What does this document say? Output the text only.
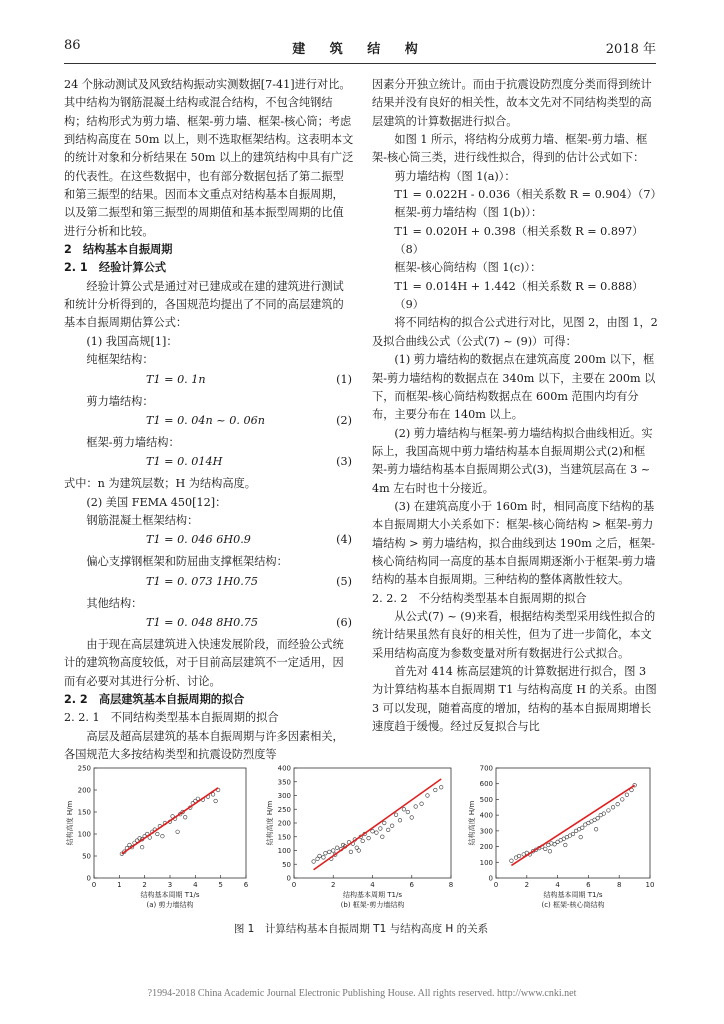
86	建 筑 结 构	2018 年

24 个脉动测试及风致结构振动实测数据[7-41]进行对比。其中结构为钢筋混凝土结构或混合结构，不包含纯钢结构；结构形式为剪力墙、框架-剪力墙、框架-核心筒；考虑到结构高度在 50m 以上，则不选取框架结构。这表明本文的统计对象和分析结果在 50m 以上的建筑结构中具有广泛的代表性。在这些数据中，也有部分数据包括了第二振型和第三振型的结果。因而本文重点对结构基本自振周期，以及第二振型和第三振型的周期值和基本振型周期的比值进行分析和比较。

2　结构基本自振周期

2. 1　经验计算公式

经验计算公式是通过对已建成或在建的建筑进行测试和统计分析得到的，各国规范均提出了不同的高层建筑的基本自振周期估算公式：

(1) 我国高规[1]：

纯框架结构：

T1 = 0. 1n	(1)

剪力墙结构：

T1 = 0. 04n ~ 0. 06n	(2)

框架-剪力墙结构：

T1 = 0. 014H	(3)

式中：n 为建筑层数；H 为结构高度。

(2) 美国 FEMA 450[12]：

钢筋混凝土框架结构：

T1 = 0. 046 6H0.9	(4)

偏心支撑钢框架和防屈曲支撑框架结构：

T1 = 0. 073 1H0.75	(5)

其他结构：

T1 = 0. 048 8H0.75	(6)

由于现在高层建筑进入快速发展阶段，而经验公式统计的建筑物高度较低，对于目前高层建筑不一定适用，因而有必要对其进行分析、讨论。

2. 2　高层建筑基本自振周期的拟合

2. 2. 1　不同结构类型基本自振周期的拟合

高层及超高层建筑的基本自振周期与许多因素相关，各国规范大多按结构类型和抗震设防烈度等

因素分开独立统计。而由于抗震设防烈度分类而得到统计结果并没有良好的相关性，故本文先对不同结构类型的高层建筑的计算数据进行拟合。

如图 1 所示，将结构分成剪力墙、框架-剪力墙、框架-核心筒三类，进行线性拟合，得到的估计公式如下：

剪力墙结构（图 1(a)）：

T1 = 0.022H - 0.036（相关系数 R = 0.904）（7）

框架-剪力墙结构（图 1(b)）：

T1 = 0.020H + 0.398（相关系数 R = 0.897）（8）

框架-核心筒结构（图 1(c)）：

T1 = 0.014H + 1.442（相关系数 R = 0.888）（9）

将不同结构的拟合公式进行对比，见图 2，由图 1，2 及拟合曲线公式（公式(7) ~ (9)）可得：

(1) 剪力墙结构的数据点在建筑高度 200m 以下，框架-剪力墙结构的数据点在 340m 以下，主要在 200m 以下，而框架-核心筒结构数据点在 600m 范围内均有分布，主要分布在 140m 以上。

(2) 剪力墙结构与框架-剪力墙结构拟合曲线相近。实际上，我国高规中剪力墙结构基本自振周期公式(2)和框架-剪力墙结构基本自振周期公式(3)，当建筑层高在 3 ~ 4m 左右时也十分接近。

(3) 在建筑高度小于 160m 时，相同高度下结构的基本自振周期大小关系如下：框架-核心筒结构 > 框架-剪力墙结构 > 剪力墙结构，拟合曲线到达 190m 之后，框架-核心筒结构同一高度的基本自振周期逐渐小于框架-剪力墙结构的基本自振周期。三种结构的整体离散性较大。

2. 2. 2　不分结构类型基本自振周期的拟合

从公式(7) ~ (9)来看，根据结构类型采用线性拟合的统计结果虽然有良好的相关性，但为了进一步简化，本文采用结构高度为参数变量对所有数据进行公式拟合。

首先对 414 栋高层建筑的计算数据进行拟合，图 3 为计算结构基本自振周期 T1 与结构高度 H 的关系。由图 3 可以发现，随着高度的增加，结构的基本自振周期增长速度趋于缓慢。经过反复拟合与比

0	1	2	3	4	5	6
0
50
100
150
200
250
结构基本周期 T1/s
(a) 剪力墙结构
结构高度 H/m
0	2	4	6	8
0
50
100
150
200
250
300
350
400
结构基本周期 T1/s
(b) 框架-剪力墙结构
结构高度 H/m
0	2	4	6	8	10
0
100
200
300
400
500
600
700
结构基本周期 T1/s
(c) 框架-核心筒结构
结构高度 H/m
图 1　计算结构基本自振周期 T1 与结构高度 H 的关系
?1994-2018 China Academic Journal Electronic Publishing House. All rights reserved. http://www.cnki.net
